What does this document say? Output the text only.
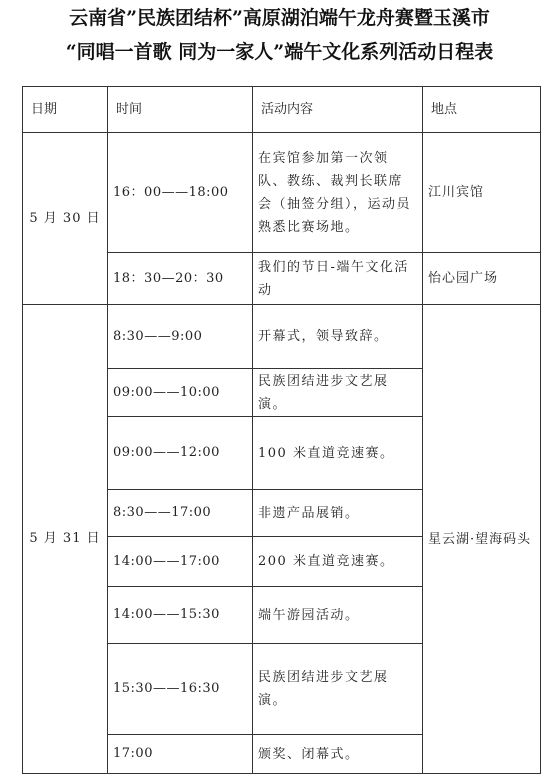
云南省”民族团结杯”高原湖泊端午龙舟赛暨玉溪市
“同唱一首歌 同为一家人”端午文化系列活动日程表
日期	时间	活动内容	地点
5 月 30 日	16：00——18:00	在宾馆参加第一次领队、教练、裁判长联席会（抽签分组），运动员熟悉比赛场地。	江川宾馆
	18：30—20：30	我们的节日-端午文化活动	怡心园广场
5 月 31 日	8:30——9:00	开幕式，领导致辞。	星云湖·望海码头
	09:00——10:00	民族团结进步文艺展演。	
	09:00——12:00	100 米直道竞速赛。	
	8:30——17:00	非遗产品展销。	
	14:00——17:00	200 米直道竞速赛。	
	14:00——15:30	端午游园活动。	
	15:30——16:30	民族团结进步文艺展演。	
	17:00	颁奖、闭幕式。	
